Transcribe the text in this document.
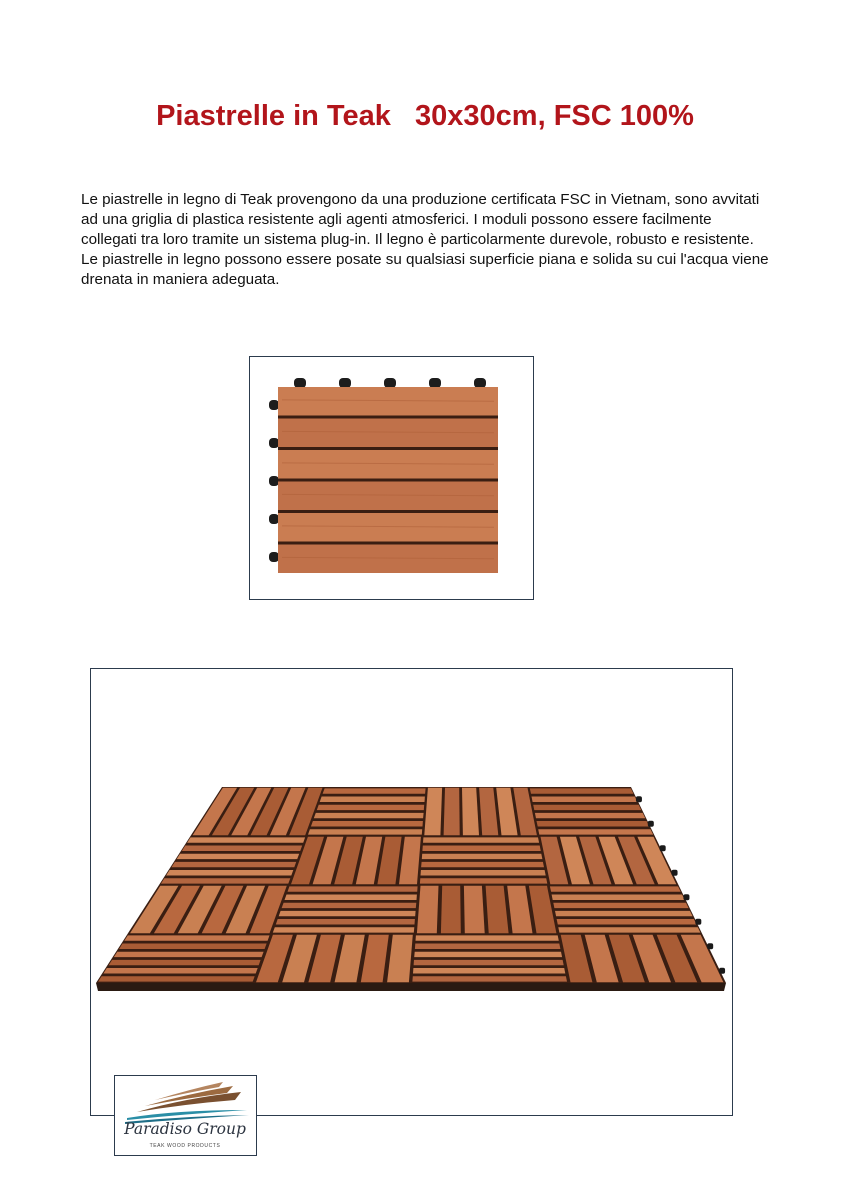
Piastrelle in Teak   30x30cm, FSC 100%

Le piastrelle in legno di Teak provengono da una produzione certificata FSC in Vietnam, sono avvitati ad una griglia di plastica resistente agli agenti atmosferici. I moduli possono essere facilmente collegati tra loro tramite un sistema plug-in. Il legno è particolarmente durevole, robusto e resistente. Le piastrelle in legno possono essere posate su qualsiasi superficie piana e solida su cui l'acqua viene drenata in maniera adeguata.

Paradiso Group
TEAK WOOD PRODUCTS
